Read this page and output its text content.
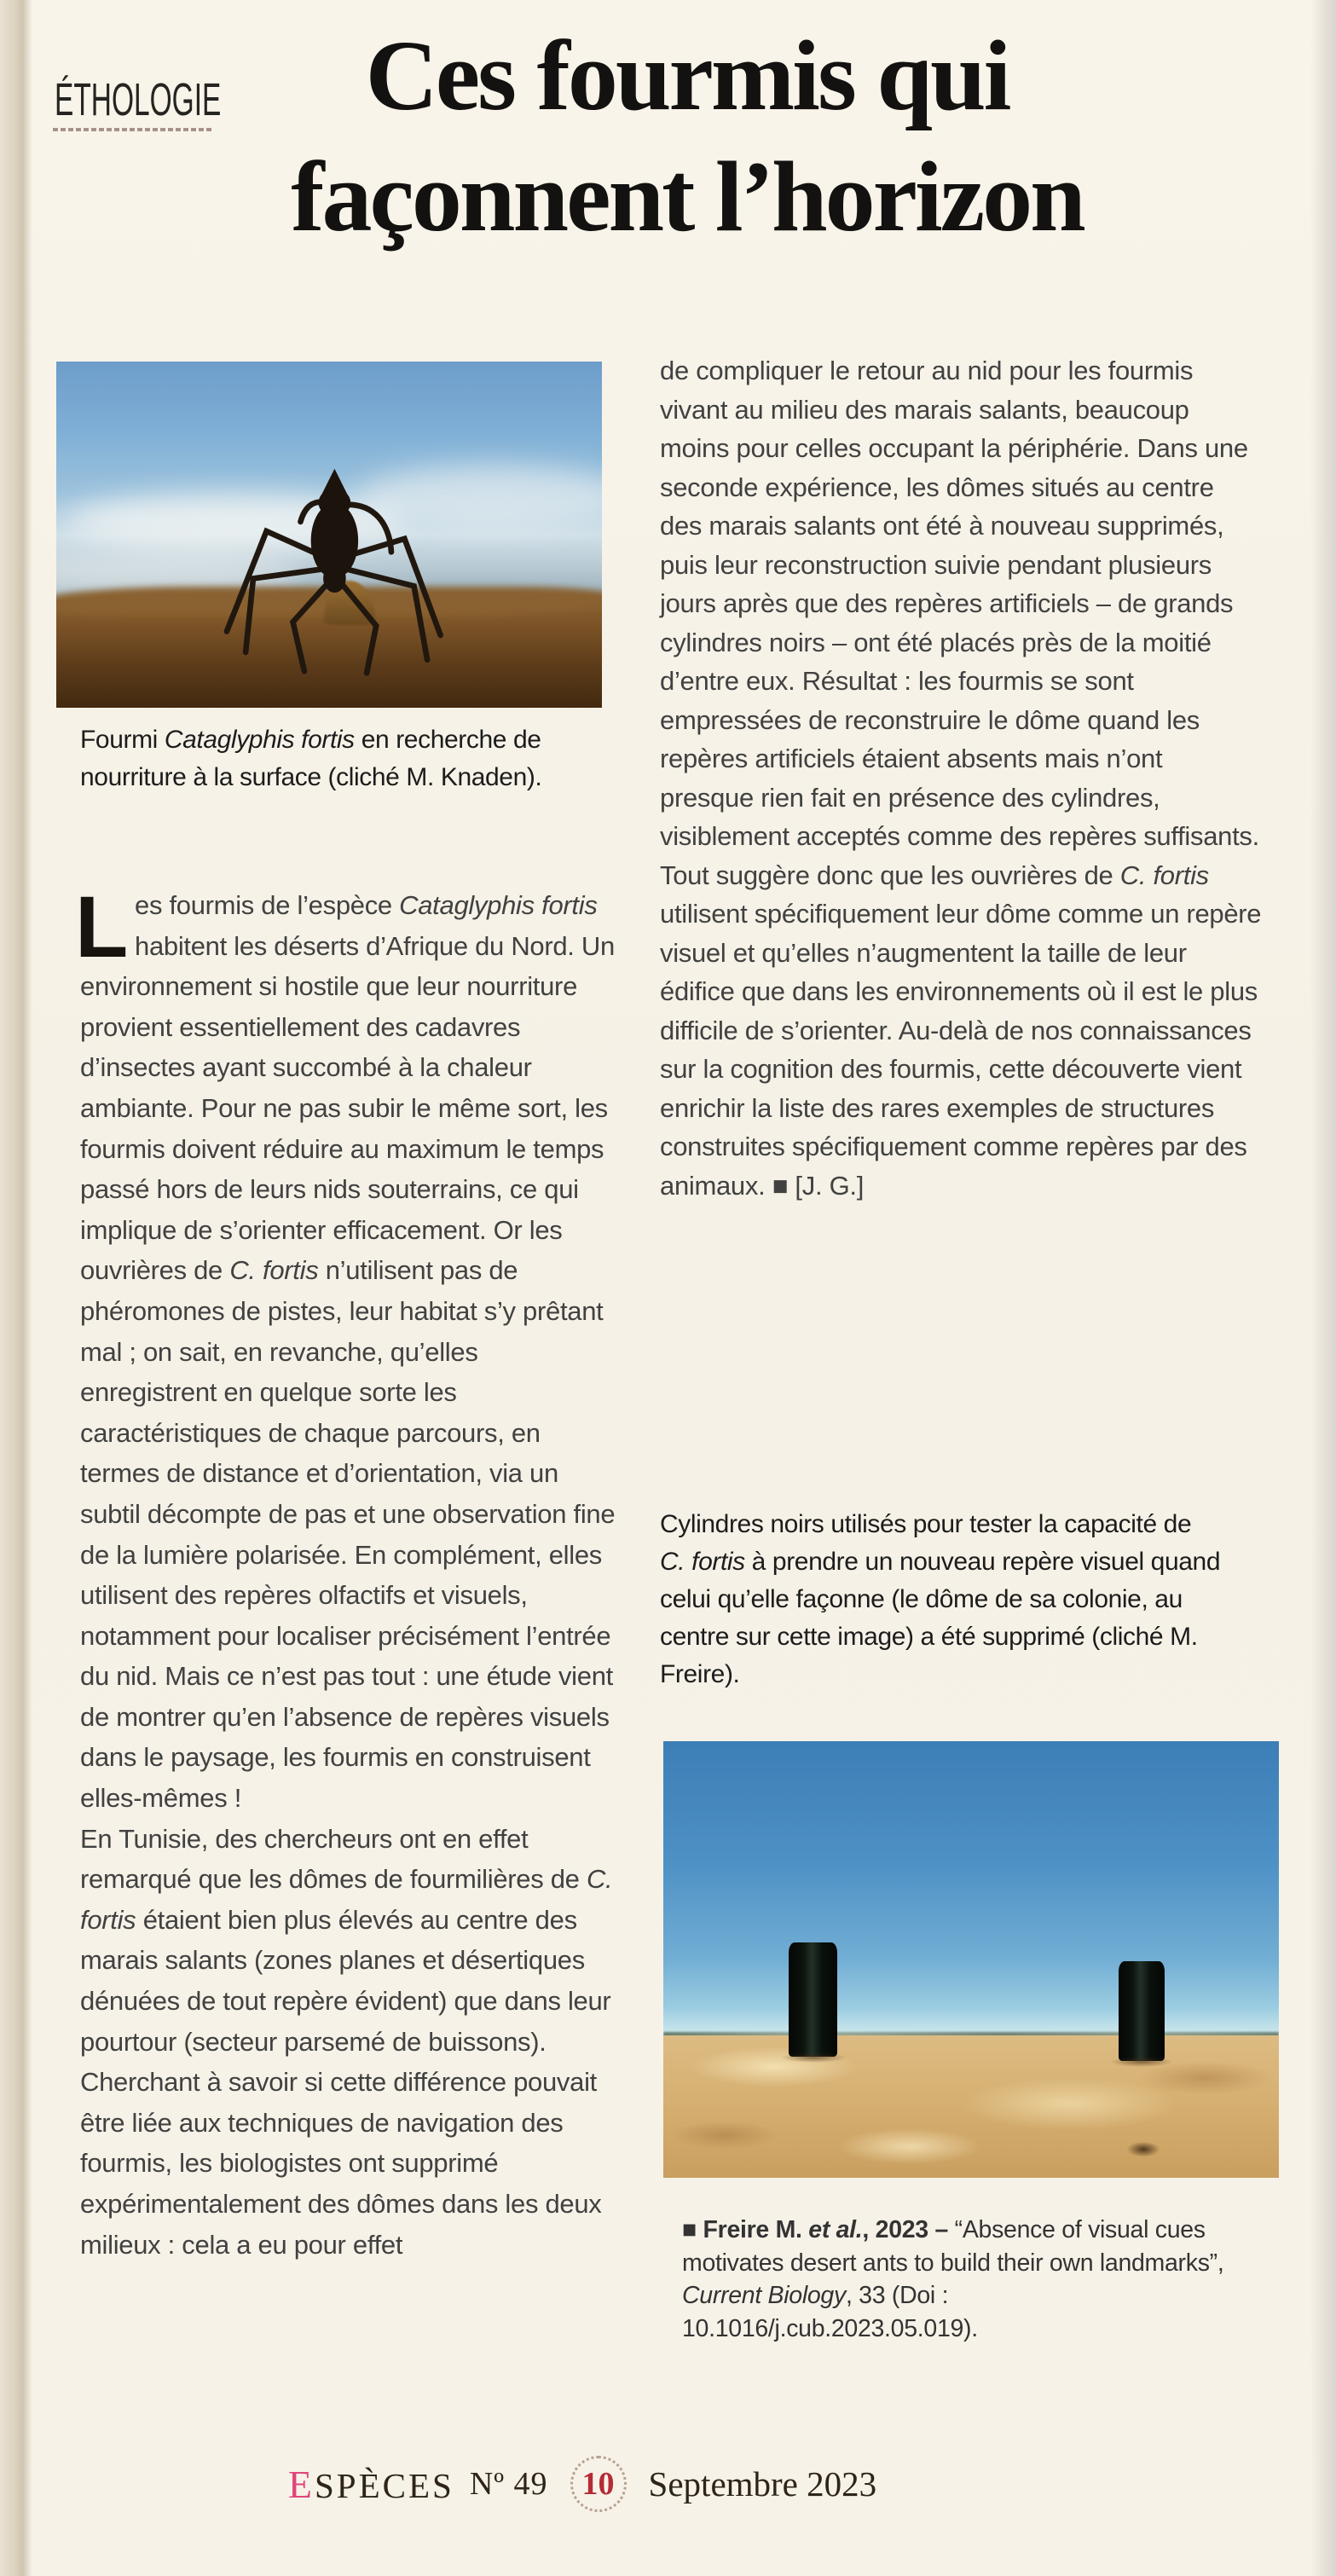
ÉTHOLOGIE	Ces fourmis qui
façonnent l’horizon
Fourmi Cataglyphis fortis en recherche de nourriture à la surface (cliché M. Knaden).

Les fourmis de l’espèce Cataglyphis fortis habitent les déserts d’Afrique du Nord. Un environnement si hostile que leur nourriture provient essentiellement des cadavres d’insectes ayant succombé à la chaleur ambiante. Pour ne pas subir le même sort, les fourmis doivent réduire au maximum le temps passé hors de leurs nids souterrains, ce qui implique de s’orienter efficacement. Or les ouvrières de C. fortis n’utilisent pas de phéromones de pistes, leur habitat s’y prêtant mal ; on sait, en revanche, qu’elles enregistrent en quelque sorte les caractéristiques de chaque parcours, en termes de distance et d’orientation, via un subtil décompte de pas et une observation fine de la lumière polarisée. En complément, elles utilisent des repères olfactifs et visuels, notamment pour localiser précisément l’entrée du nid. Mais ce n’est pas tout : une étude vient de montrer qu’en l’absence de repères visuels dans le paysage, les fourmis en construisent elles-mêmes !

En Tunisie, des chercheurs ont en effet remarqué que les dômes de fourmilières de C. fortis étaient bien plus élevés au centre des marais salants (zones planes et désertiques dénuées de tout repère évident) que dans leur pourtour (secteur parsemé de buissons). Cherchant à savoir si cette différence pouvait être liée aux techniques de navigation des fourmis, les biologistes ont supprimé expérimentalement des dômes dans les deux milieux : cela a eu pour effet

de compliquer le retour au nid pour les fourmis vivant au milieu des marais salants, beaucoup moins pour celles occupant la périphérie. Dans une seconde expérience, les dômes situés au centre des marais salants ont été à nouveau supprimés, puis leur reconstruction suivie pendant plusieurs jours après que des repères artificiels – de grands cylindres noirs – ont été placés près de la moitié d’entre eux. Résultat : les fourmis se sont empressées de reconstruire le dôme quand les repères artificiels étaient absents mais n’ont presque rien fait en présence des cylindres, visiblement acceptés comme des repères suffisants. Tout suggère donc que les ouvrières de C. fortis utilisent spécifiquement leur dôme comme un repère visuel et qu’elles n’augmentent la taille de leur édifice que dans les environnements où il est le plus difficile de s’orienter. Au-delà de nos connaissances sur la cognition des fourmis, cette découverte vient enrichir la liste des rares exemples de structures construites spécifiquement comme repères par des animaux. ■ [J. G.]

Cylindres noirs utilisés pour tester la capacité de C. fortis à prendre un nouveau repère visuel quand celui qu’elle façonne (le dôme de sa colonie, au centre sur cette image) a été supprimé (cliché M. Freire).
■ Freire M. et al., 2023 – “Absence of visual cues motivates desert ants to build their own landmarks”, Current Biology, 33 (Doi : 10.1016/j.cub.2023.05.019).
ESPÈCES Nº 49 10 Septembre 2023
